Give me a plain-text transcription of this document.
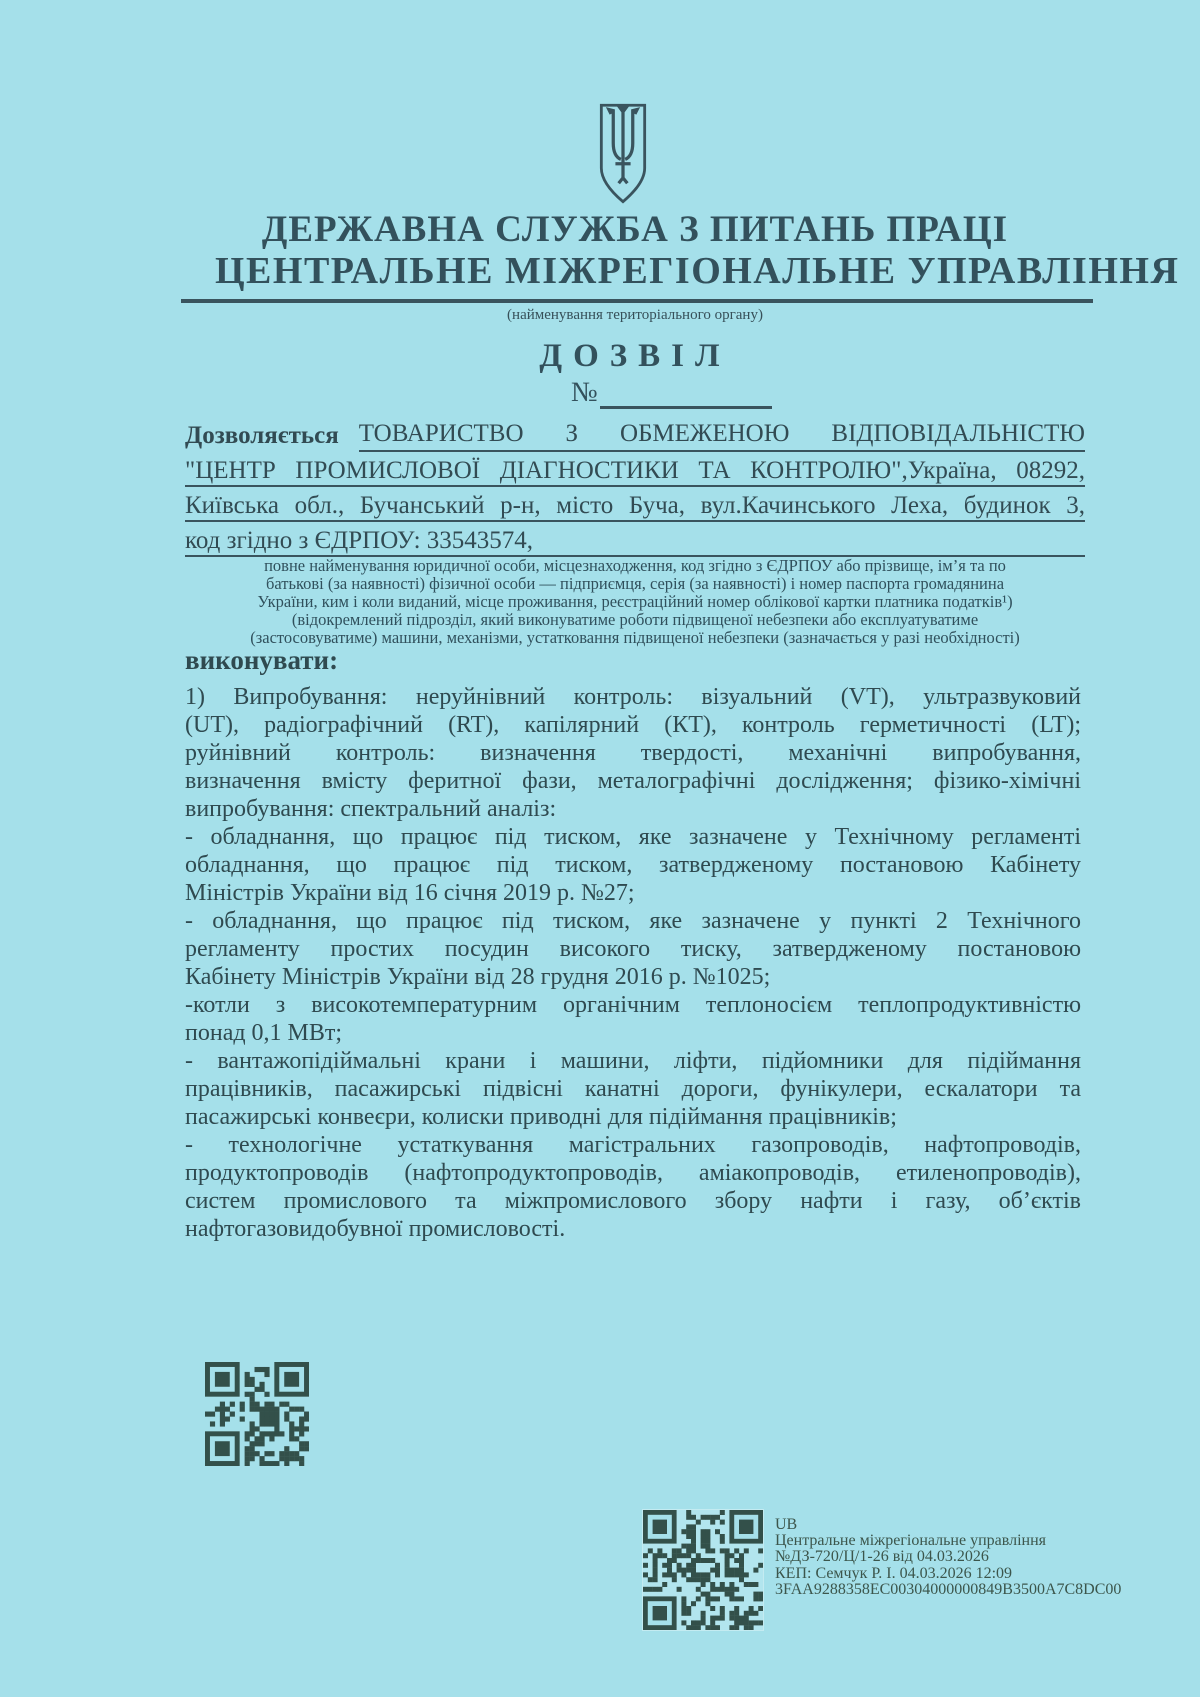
ДЕРЖАВНА СЛУЖБА З ПИТАНЬ ПРАЦІ
ЦЕНТРАЛЬНЕ МІЖРЕГІОНАЛЬНЕ УПРАВЛІННЯ
(найменування територіального органу)
ДОЗВІЛ
№
Дозволяється ТОВАРИСТВО З ОБМЕЖЕНОЮ ВІДПОВІДАЛЬНІСТЮ
"ЦЕНТР ПРОМИСЛОВОЇ ДІАГНОСТИКИ ТА КОНТРОЛЮ",Україна, 08292,
Київська обл., Бучанський р-н, місто Буча, вул.Качинського Леха, будинок 3,
код згідно з ЄДРПОУ: 33543574,
повне найменування юридичної особи, місцезнаходження, код згідно з ЄДРПОУ або прізвище, ім’я та по
батькові (за наявності) фізичної особи — підприємця, серія (за наявності) і номер паспорта громадянина
України, ким і коли виданий, місце проживання, реєстраційний номер облікової картки платника податків¹)
(відокремлений підрозділ, який виконуватиме роботи підвищеної небезпеки або експлуатуватиме
(застосовуватиме) машини, механізми, устатковання підвищеної небезпеки (зазначається у разі необхідності)
виконувати:
1) Випробування: неруйнівний контроль: візуальний (VT), ультразвуковий
(UT), радіографічний (RT), капілярний (КТ), контроль герметичності (LT);
руйнівний контроль: визначення твердості, механічні випробування,
визначення вмісту феритної фази, металографічні дослідження; фізико-хімічні
випробування: спектральний аналіз:
- обладнання, що працює під тиском, яке зазначене у Технічному регламенті
обладнання, що працює під тиском, затвердженому постановою Кабінету
Міністрів України від 16 січня 2019 р. №27;
- обладнання, що працює під тиском, яке зазначене у пункті 2 Технічного
регламенту простих посудин високого тиску, затвердженому постановою
Кабінету Міністрів України від 28 грудня 2016 р. №1025;
-котли з високотемпературним органічним теплоносієм теплопродуктивністю
понад 0,1 МВт;
- вантажопідіймальні крани і машини, ліфти, підйомники для підіймання
працівників, пасажирські підвісні канатні дороги, фунікулери, ескалатори та
пасажирські конвеєри, колиски приводні для підіймання працівників;
- технологічне устаткування магістральних газопроводів, нафтопроводів,
продуктопроводів (нафтопродуктопроводів, аміакопроводів, етиленопроводів),
систем промислового та міжпромислового збору нафти і газу, об’єктів
нафтогазовидобувної промисловості.
UB
Центральне міжрегіональне управління
№ДЗ-720/Ц/1-26 від 04.03.2026
КЕП: Семчук Р. І. 04.03.2026 12:09
3FAA9288358EC00304000000849B3500A7C8DC00
